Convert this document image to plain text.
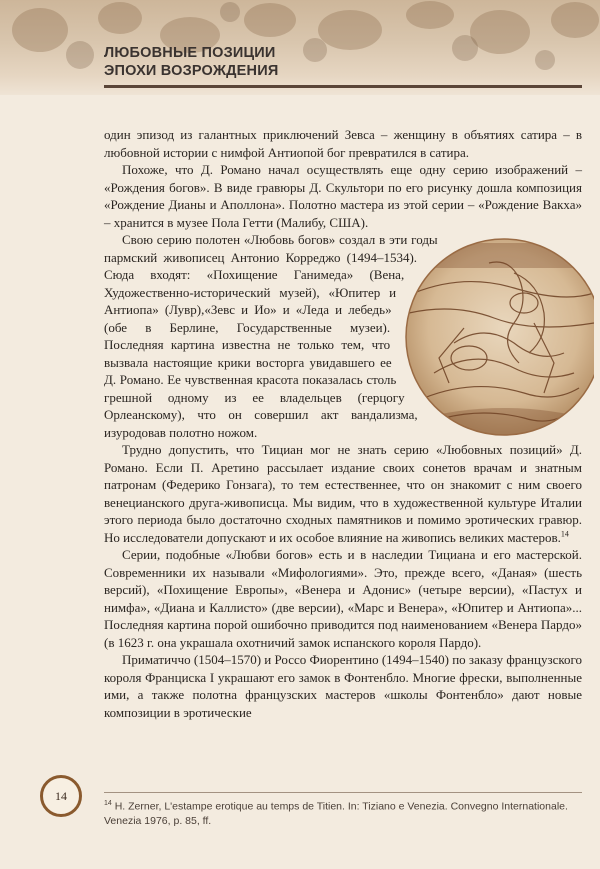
ЛЮБОВНЫЕ ПОЗИЦИИ
ЭПОХИ ВОЗРОЖДЕНИЯ

один эпизод из галантных приключений Зевса – женщину в объятиях сатира – в любовной истории с нимфой Антиопой бог превратился в сатира.

Похоже, что Д. Романо начал осуществлять еще одну серию изображений – «Рождения богов». В виде гравюры Д. Скультори по его рисунку дошла композиция «Рождение Дианы и Аполлона». Полотно мастера из этой серии – «Рождение Вакха» – хранится в музее Пола Гетти (Малибу, США).

Свою серию полотен «Любовь богов» создал в эти годы пармский живописец Антонио Корреджо (1494–1534). Сюда входят: «Похищение Ганимеда» (Вена, Художественно-исторический музей), «Юпитер и Антиопа» (Лувр),«Зевс и Ио» и «Леда и лебедь» (обе в Берлине, Государственные музеи). Последняя картина известна не только тем, что вызвала настоящие крики восторга увидавшего ее Д. Романо. Ее чувственная красота показалась столь грешной одному из ее владельцев (герцогу Орлеанскому), что он совершил акт вандализма, изуродовав полотно ножом.

Трудно допустить, что Тициан мог не знать серию «Любовных позиций» Д. Романо. Если П. Аретино рассылает издание своих сонетов врачам и знатным патронам (Федерико Гонзага), то тем естественнее, что он знакомит с ним своего венецианского друга-живописца. Мы видим, что в художественной культуре Италии этого периода было достаточно сходных памятников и помимо эротических гравюр. Но исследователи допускают и их особое влияние на живопись великих мастеров.$^{14}$

Серии, подобные «Любви богов» есть и в наследии Тициана и его мастерской. Современники их называли «Мифологиями». Это, прежде всего, «Даная» (шесть версий), «Похищение Европы», «Венера и Адонис» (четыре версии), «Пастух и нимфа», «Диана и Каллисто» (две версии), «Марс и Венера», «Юпитер и Антиопа»... Последняя картина порой ошибочно приводится под наименованием «Венера Пардо» (в 1623 г. она украшала охотничий замок испанского короля Пардо).

Приматиччо (1504–1570) и Россо Фиорентино (1494–1540) по заказу французского короля Франциска I украшают его замок в Фонтенбло. Многие фрески, выполненные ими, а также полотна французских мастеров «школы Фонтенбло» дают новые композиции в эротические

14
$^{14}$ H. Zerner, L'estampe erotique au temps de Titien. In: Tiziano e Venezia. Convegno Internationale. Venezia 1976, p. 85, ff.
